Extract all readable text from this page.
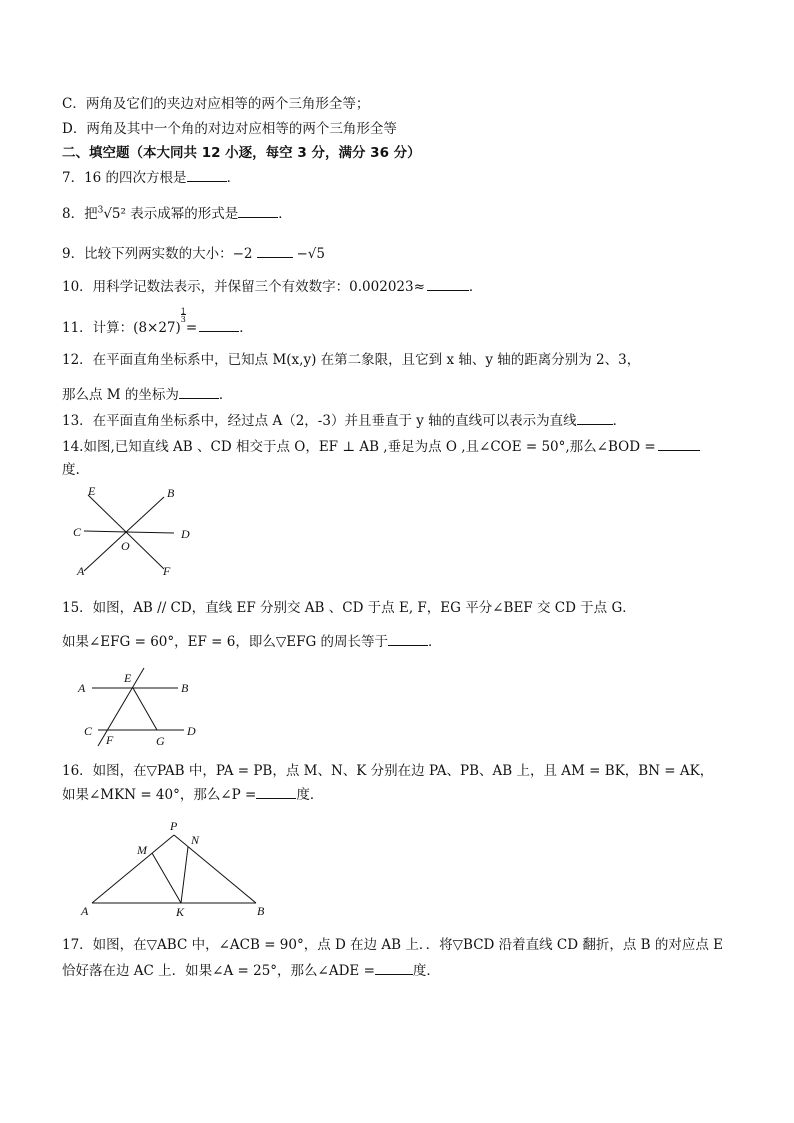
C．两角及它们的夹边对应相等的两个三角形全等；
D．两角及其中一个角的对边对应相等的两个三角形全等
二、填空题（本大同共 12 小逐，每空 3 分，满分 36 分）
7．16 的四次方根是	．
8．把$^3$√5² 表示成幂的形式是	．
9．比较下列两实数的大小：−2	−√5
10．用科学记数法表示，并保留三个有效数字：0.002023≈	．
11．计算：$(8\times 27)\frac{1}{3}=$	．
12．在平面直角坐标系中，已知点 M(x,y) 在第二象限，且它到 x 轴、y 轴的距离分别为 2、3，
那么点 M 的坐标为	．
13．在平面直角坐标系中，经过点 A（2，-3）并且垂直于 y 轴的直线可以表示为直线	．
14.如图,已知直线 AB 、CD 相交于点 O，EF ⊥ AB ,垂足为点 O ,且∠COE = 50°,那么∠BOD =
度.
E	B
C	D
O
A	F
15．如图，AB // CD，直线 EF 分别交 AB 、CD 于点 E, F，EG 平分∠BEF 交 CD 于点 G．
如果∠EFG = 60°，EF = 6，即么▽EFG 的周长等于	．
A
E
B
C
F	G
D
16．如图，在▽PAB 中，PA = PB，点 M、N、K 分别在边 PA、PB、AB 上，且 AM = BK，BN = AK，
如果∠MKN = 40°，那么∠P =	度．
P
M
N
A	K	B
17．如图，在▽ABC 中，∠ACB = 90°，点 D 在边 AB 上．．将▽BCD 沿着直线 CD 翻折，点 B 的对应点 E
恰好落在边 AC 上．如果∠A = 25°，那么∠ADE =	度．
